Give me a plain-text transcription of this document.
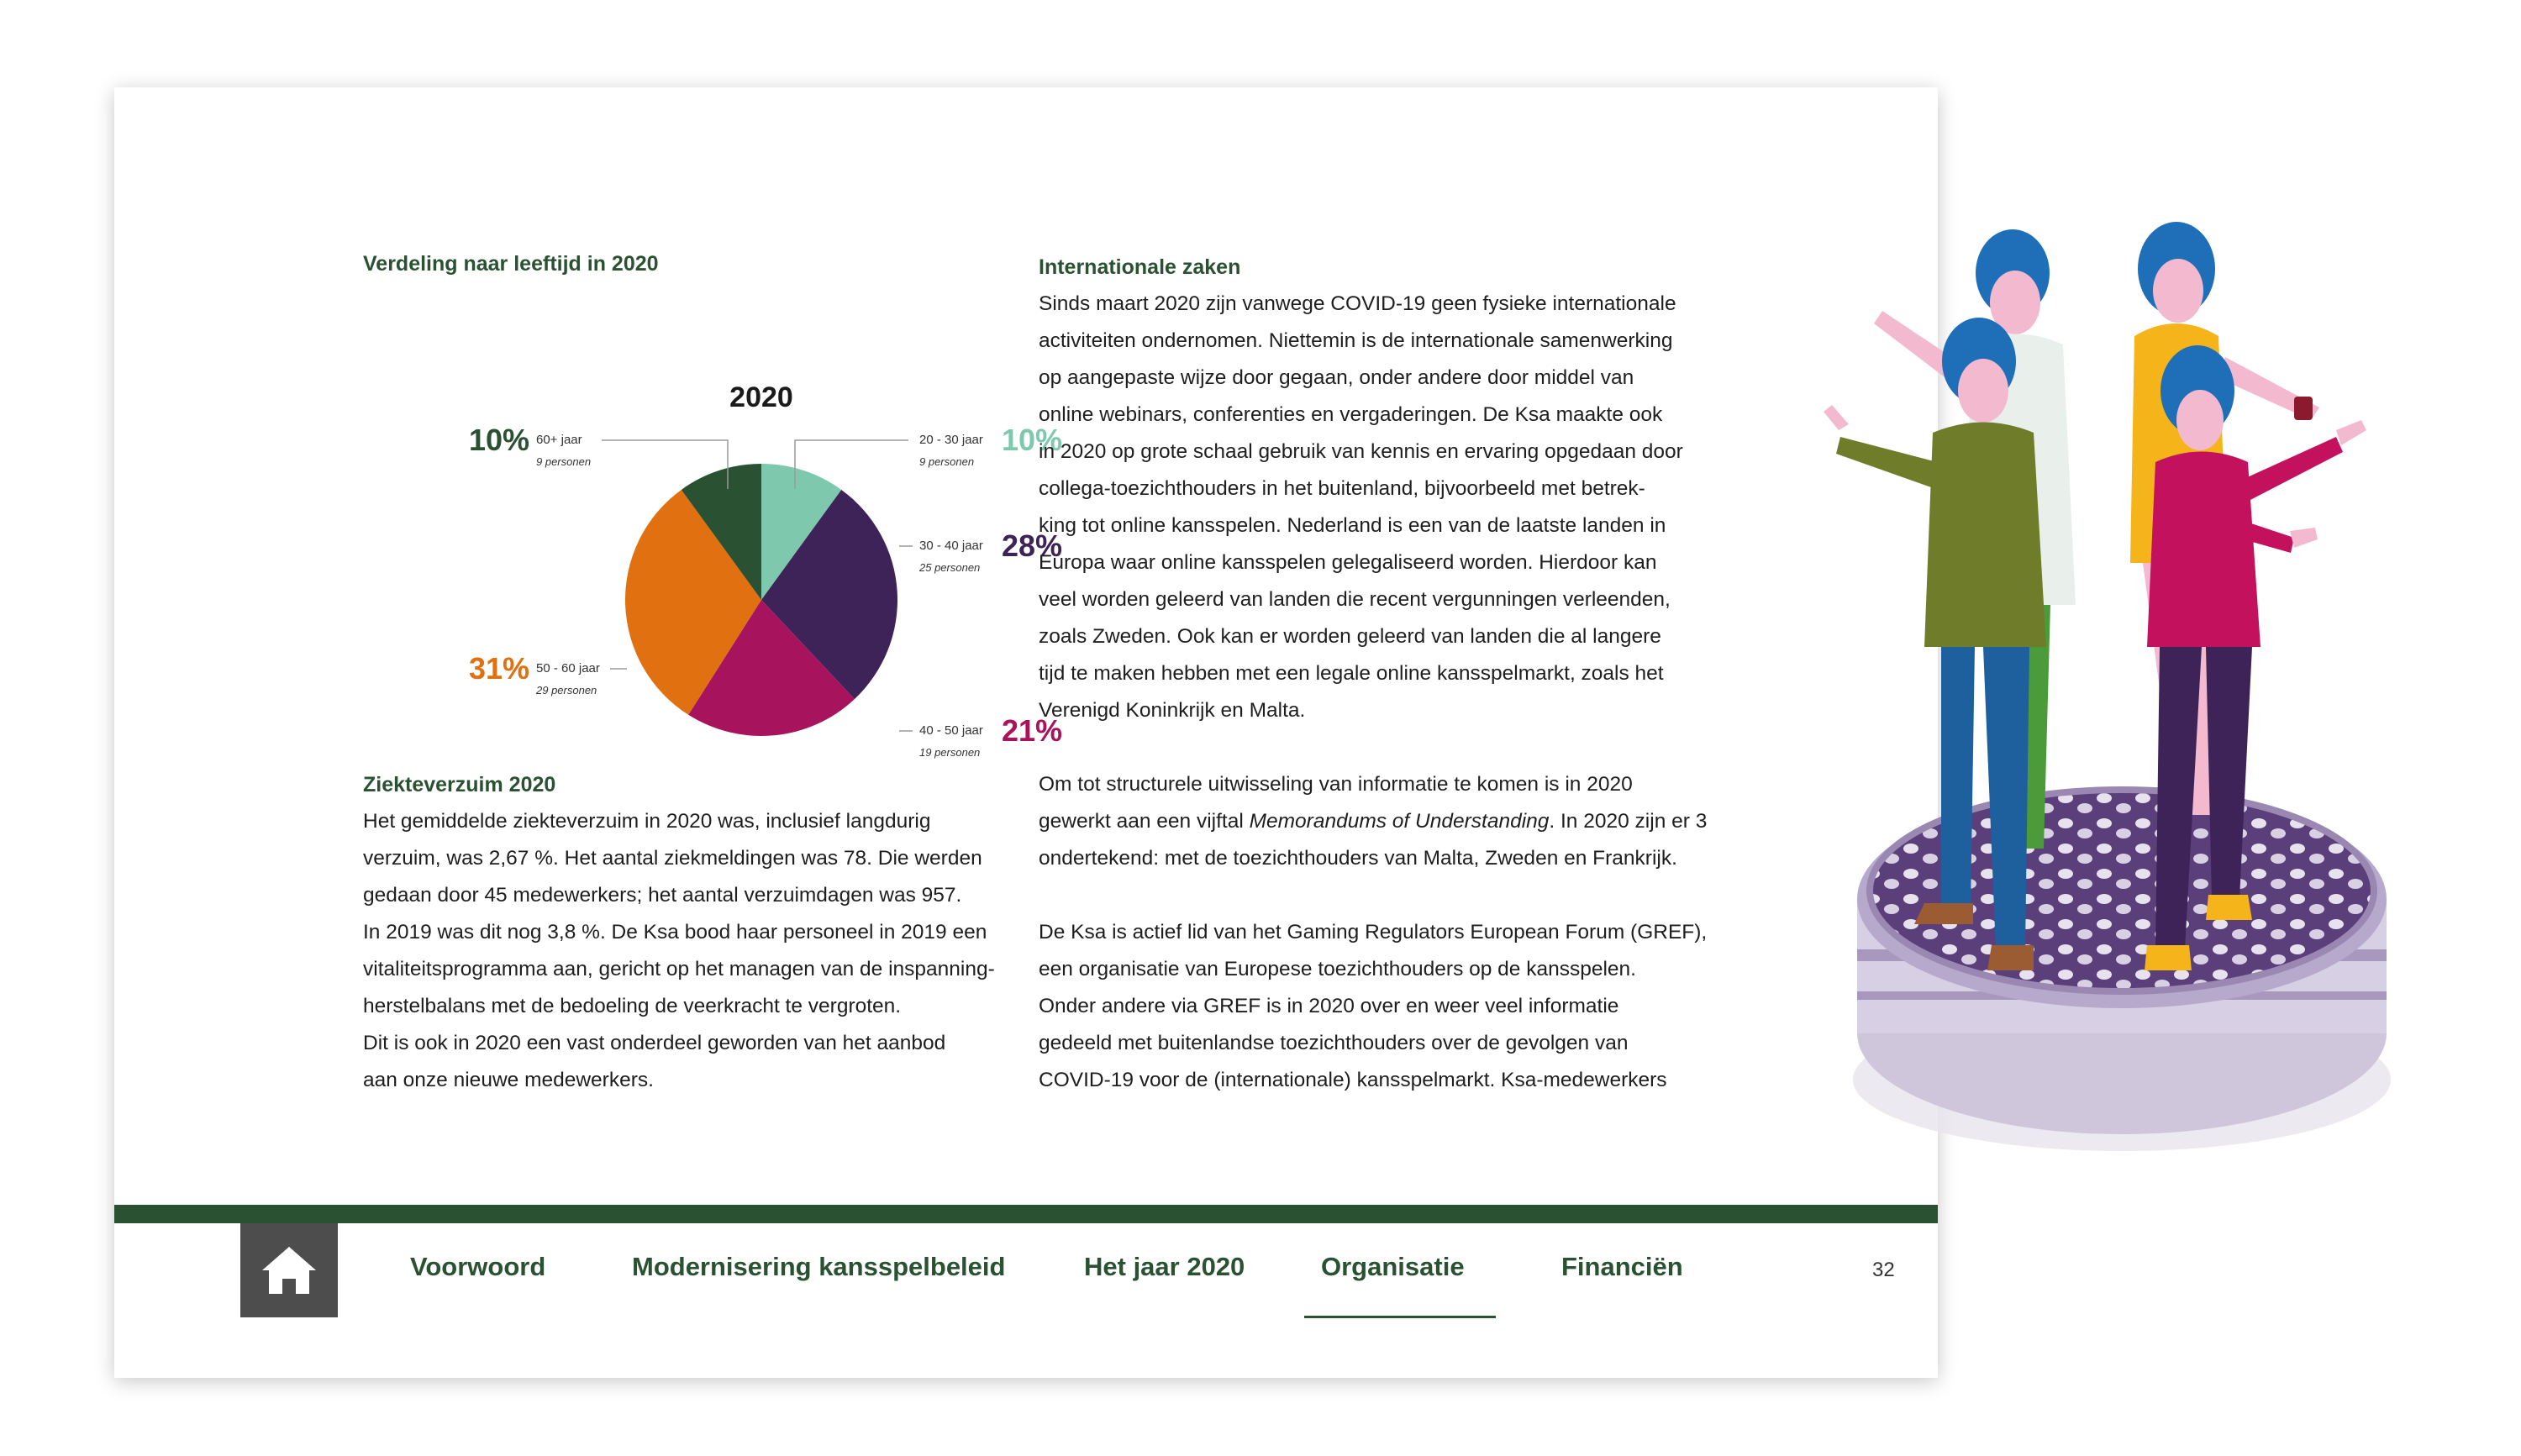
Verdeling naar leeftijd in 2020
2020
20 - 30 jaar
9 personen
10%
30 - 40 jaar
25 personen
28%
40 - 50 jaar
19 personen
21%
50 - 60 jaar
29 personen
31%
60+ jaar
9 personen
10%
Ziekteverzuim 2020

Het gemiddelde ziekteverzuim in 2020 was, inclusief langdurig

verzuim, was 2,67 %. Het aantal ziekmeldingen was 78. Die werden

gedaan door 45 medewerkers; het aantal verzuimdagen was 957.

In 2019 was dit nog 3,8 %. De Ksa bood haar personeel in 2019 een

vitaliteitsprogramma aan, gericht op het managen van de inspanning-

herstelbalans met de bedoeling de veerkracht te vergroten.

Dit is ook in 2020 een vast onderdeel geworden van het aanbod

aan onze nieuwe medewerkers.

Internationale zaken

Sinds maart 2020 zijn vanwege COVID-19 geen fysieke internationale

activiteiten ondernomen. Niettemin is de internationale samenwerking

op aangepaste wijze door gegaan, onder andere door middel van

online webinars, conferenties en vergaderingen. De Ksa maakte ook

in 2020 op grote schaal gebruik van kennis en ervaring opgedaan door

collega-toezichthouders in het buitenland, bijvoorbeeld met betrek-

king tot online kansspelen. Nederland is een van de laatste landen in

Europa waar online kansspelen gelegaliseerd worden. Hierdoor kan

veel worden geleerd van landen die recent vergunningen verleenden,

zoals Zweden. Ook kan er worden geleerd van landen die al langere

tijd te maken hebben met een legale online kansspelmarkt, zoals het

Verenigd Koninkrijk en Malta.

Om tot structurele uitwisseling van informatie te komen is in 2020

gewerkt aan een vijftal Memorandums of Understanding. In 2020 zijn er 3

ondertekend: met de toezichthouders van Malta, Zweden en Frankrijk.

De Ksa is actief lid van het Gaming Regulators European Forum (GREF),

een organisatie van Europese toezichthouders op de kansspelen.

Onder andere via GREF is in 2020 over en weer veel informatie

gedeeld met buitenlandse toezichthouders over de gevolgen van

COVID-19 voor de (internationale) kansspelmarkt. Ksa-medewerkers

Voorwoord	Modernisering kansspelbeleid	Het jaar 2020	Organisatie	Financiën	32
